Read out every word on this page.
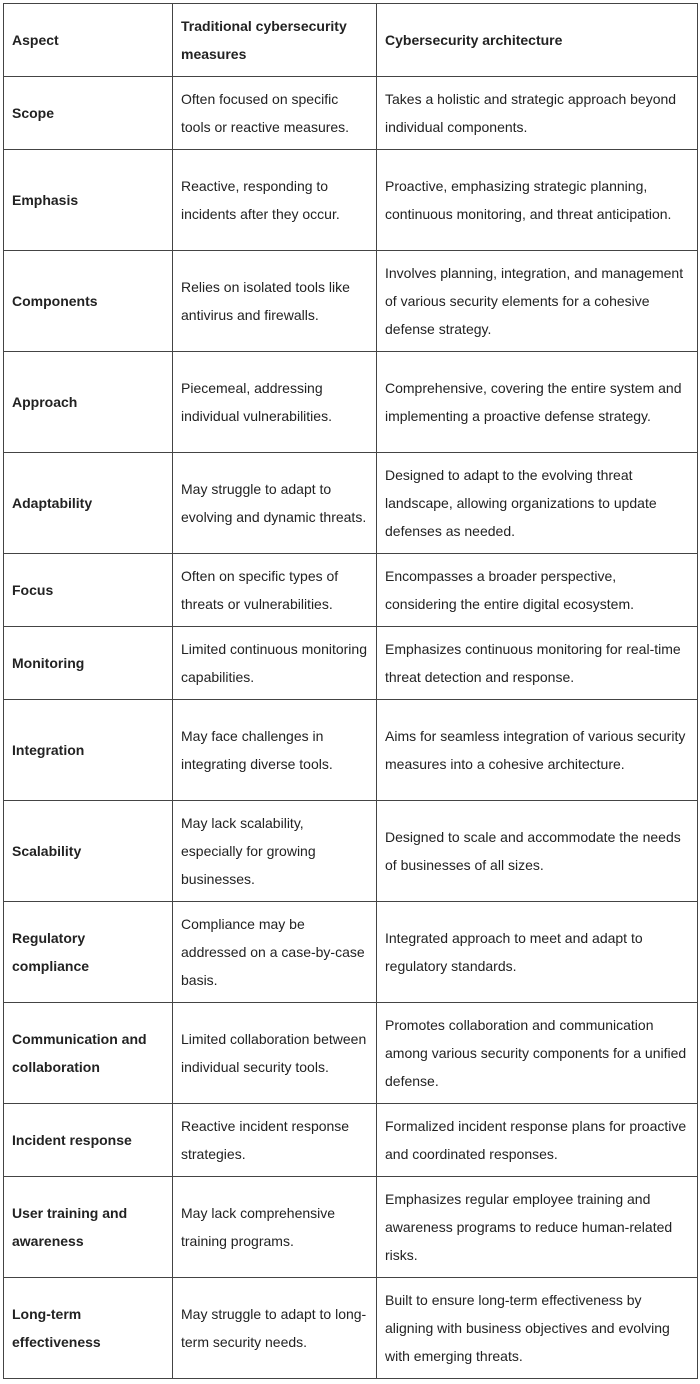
Aspect	Traditional cybersecurity measures	Cybersecurity architecture
Scope	Often focused on specific tools or reactive measures.	Takes a holistic and strategic approach beyond individual components.
Emphasis	Reactive, responding to incidents after they occur.	Proactive, emphasizing strategic planning, continuous monitoring, and threat anticipation.
Components	Relies on isolated tools like antivirus and firewalls.	Involves planning, integration, and management of various security elements for a cohesive defense strategy.
Approach	Piecemeal, addressing individual vulnerabilities.	Comprehensive, covering the entire system and implementing a proactive defense strategy.
Adaptability	May struggle to adapt to evolving and dynamic threats.	Designed to adapt to the evolving threat landscape, allowing organizations to update defenses as needed.
Focus	Often on specific types of threats or vulnerabilities.	Encompasses a broader perspective, considering the entire digital ecosystem.
Monitoring	Limited continuous monitoring capabilities.	Emphasizes continuous monitoring for real-time threat detection and response.
Integration	May face challenges in integrating diverse tools.	Aims for seamless integration of various security measures into a cohesive architecture.
Scalability	May lack scalability, especially for growing businesses.	Designed to scale and accommodate the needs of businesses of all sizes.
Regulatory compliance	Compliance may be addressed on a case-by-case basis.	Integrated approach to meet and adapt to regulatory standards.
Communication and collaboration	Limited collaboration between individual security tools.	Promotes collaboration and communication among various security components for a unified defense.
Incident response	Reactive incident response strategies.	Formalized incident response plans for proactive and coordinated responses.
User training and awareness	May lack comprehensive training programs.	Emphasizes regular employee training and awareness programs to reduce human-related risks.
Long-term effectiveness	May struggle to adapt to long-term security needs.	Built to ensure long-term effectiveness by aligning with business objectives and evolving with emerging threats.
